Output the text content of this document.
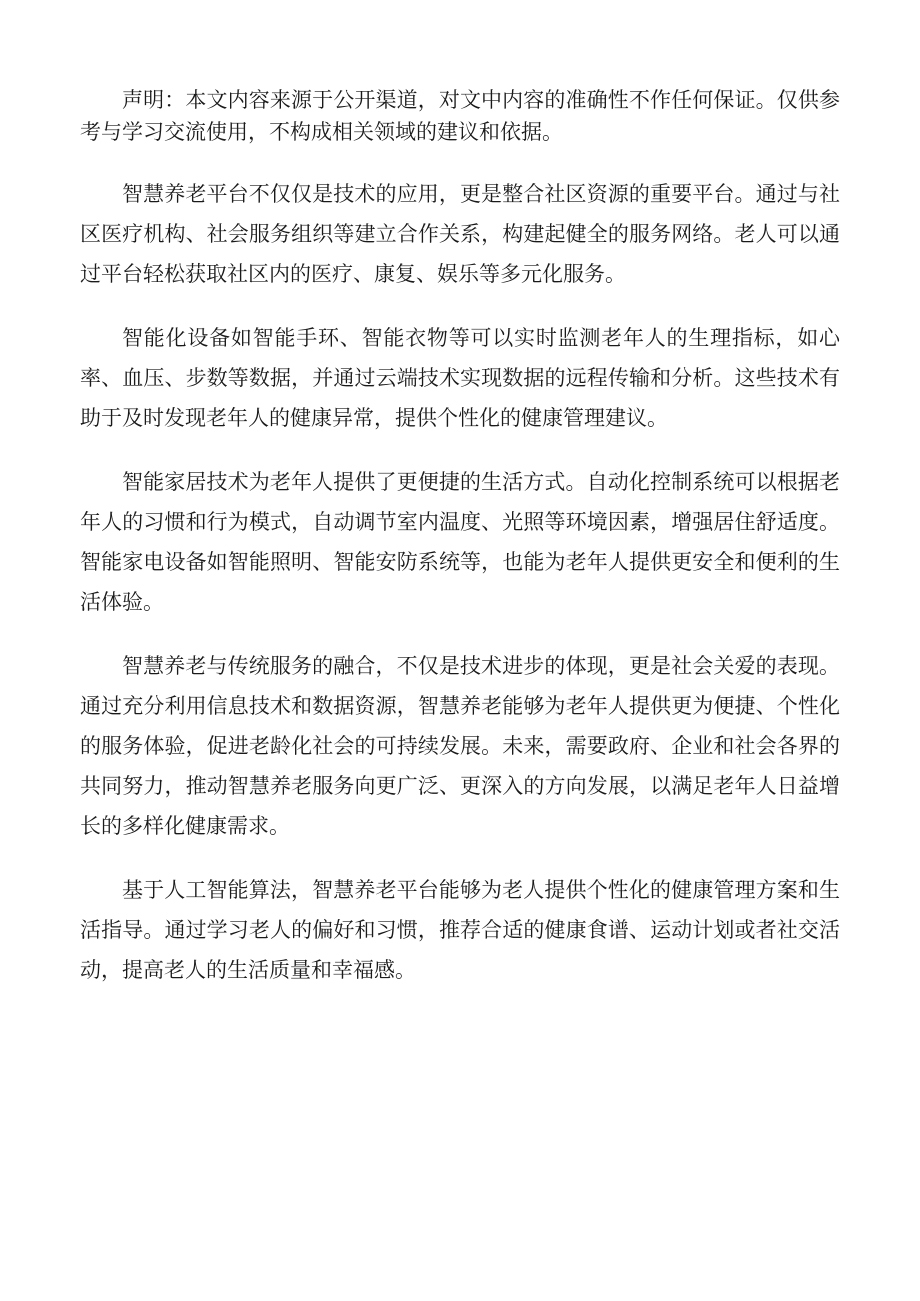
声明：本文内容来源于公开渠道，对文中内容的准确性不作任何保证。仅供参考与学习交流使用，不构成相关领域的建议和依据。

智慧养老平台不仅仅是技术的应用，更是整合社区资源的重要平台。通过与社区医疗机构、社会服务组织等建立合作关系，构建起健全的服务网络。老人可以通过平台轻松获取社区内的医疗、康复、娱乐等多元化服务。

智能化设备如智能手环、智能衣物等可以实时监测老年人的生理指标，如心率、血压、步数等数据，并通过云端技术实现数据的远程传输和分析。这些技术有助于及时发现老年人的健康异常，提供个性化的健康管理建议。

智能家居技术为老年人提供了更便捷的生活方式。自动化控制系统可以根据老年人的习惯和行为模式，自动调节室内温度、光照等环境因素，增强居住舒适度。智能家电设备如智能照明、智能安防系统等，也能为老年人提供更安全和便利的生活体验。

智慧养老与传统服务的融合，不仅是技术进步的体现，更是社会关爱的表现。通过充分利用信息技术和数据资源，智慧养老能够为老年人提供更为便捷、个性化的服务体验，促进老龄化社会的可持续发展。未来，需要政府、企业和社会各界的共同努力，推动智慧养老服务向更广泛、更深入的方向发展，以满足老年人日益增长的多样化健康需求。

基于人工智能算法，智慧养老平台能够为老人提供个性化的健康管理方案和生活指导。通过学习老人的偏好和习惯，推荐合适的健康食谱、运动计划或者社交活动，提高老人的生活质量和幸福感。
